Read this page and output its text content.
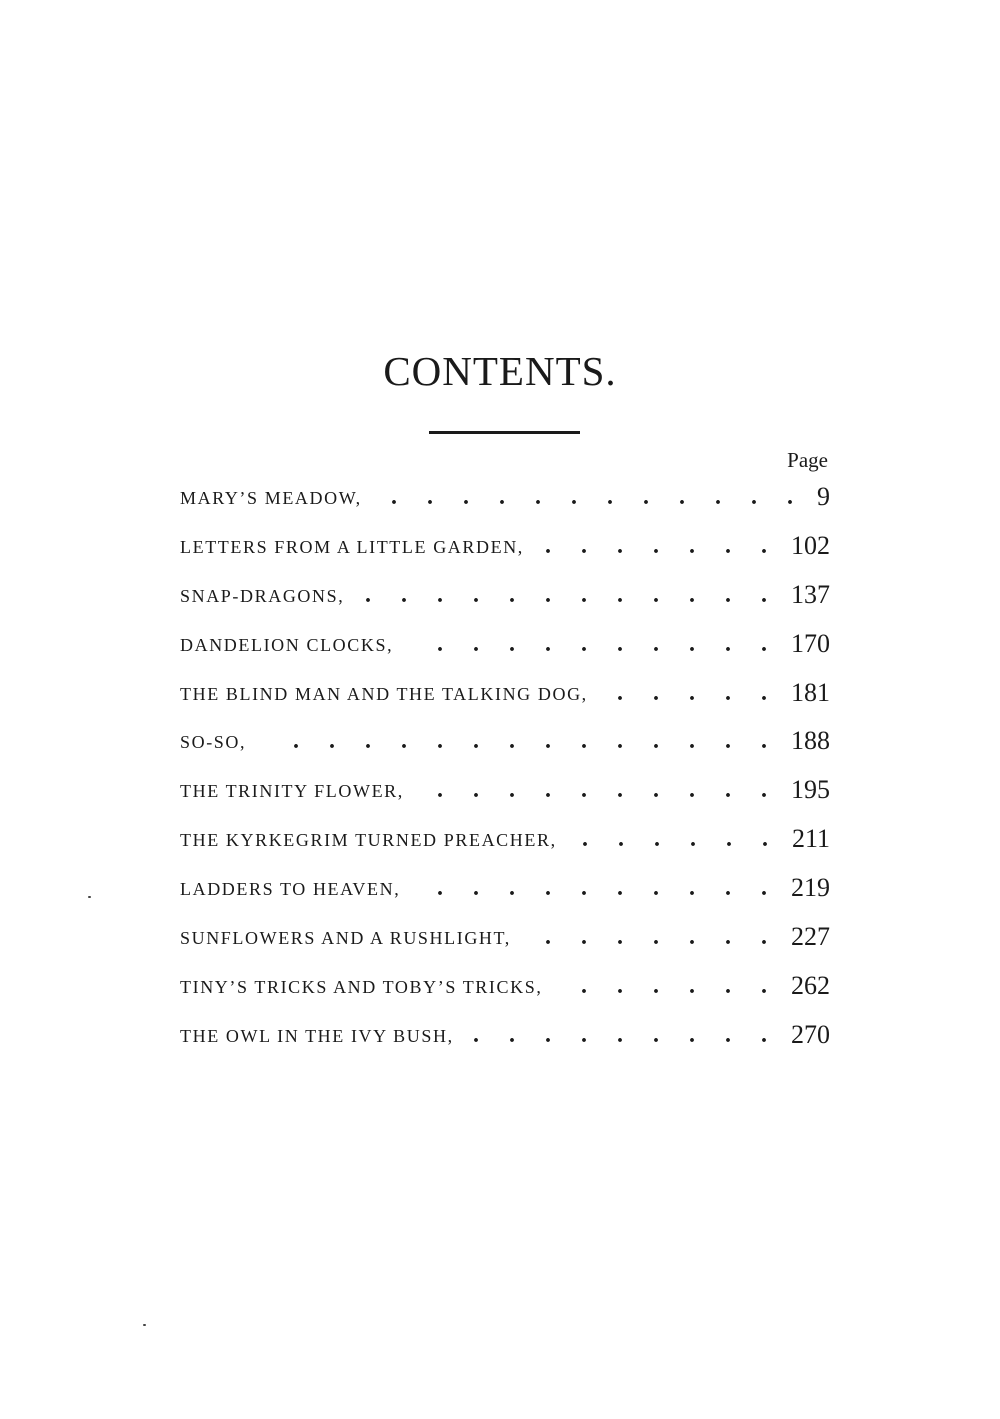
CONTENTS.
Page
MARY’S MEADOW,	9
.
.
.
.
.
.
.
.
.
.
.
.
LETTERS FROM A LITTLE GARDEN,	102
.
.
.
.
.
.
.
SNAP-DRAGONS,	137
.
.
.
.
.
.
.
.
.
.
.
.
DANDELION CLOCKS,	170
.
.
.
.
.
.
.
.
.
.
THE BLIND MAN AND THE TALKING DOG,	181
.
.
.
.
.
SO-SO,	188
.
.
.
.
.
.
.
.
.
.
.
.
.
.
THE TRINITY FLOWER,	195
.
.
.
.
.
.
.
.
.
.
THE KYRKEGRIM TURNED PREACHER,	211
.
.
.
.
.
.
LADDERS TO HEAVEN,	219
.
.
.
.
.
.
.
.
.
.
SUNFLOWERS AND A RUSHLIGHT,	227
.
.
.
.
.
.
.
TINY’S TRICKS AND TOBY’S TRICKS,	262
.
.
.
.
.
.
THE OWL IN THE IVY BUSH,	270
.
.
.
.
.
.
.
.
.
